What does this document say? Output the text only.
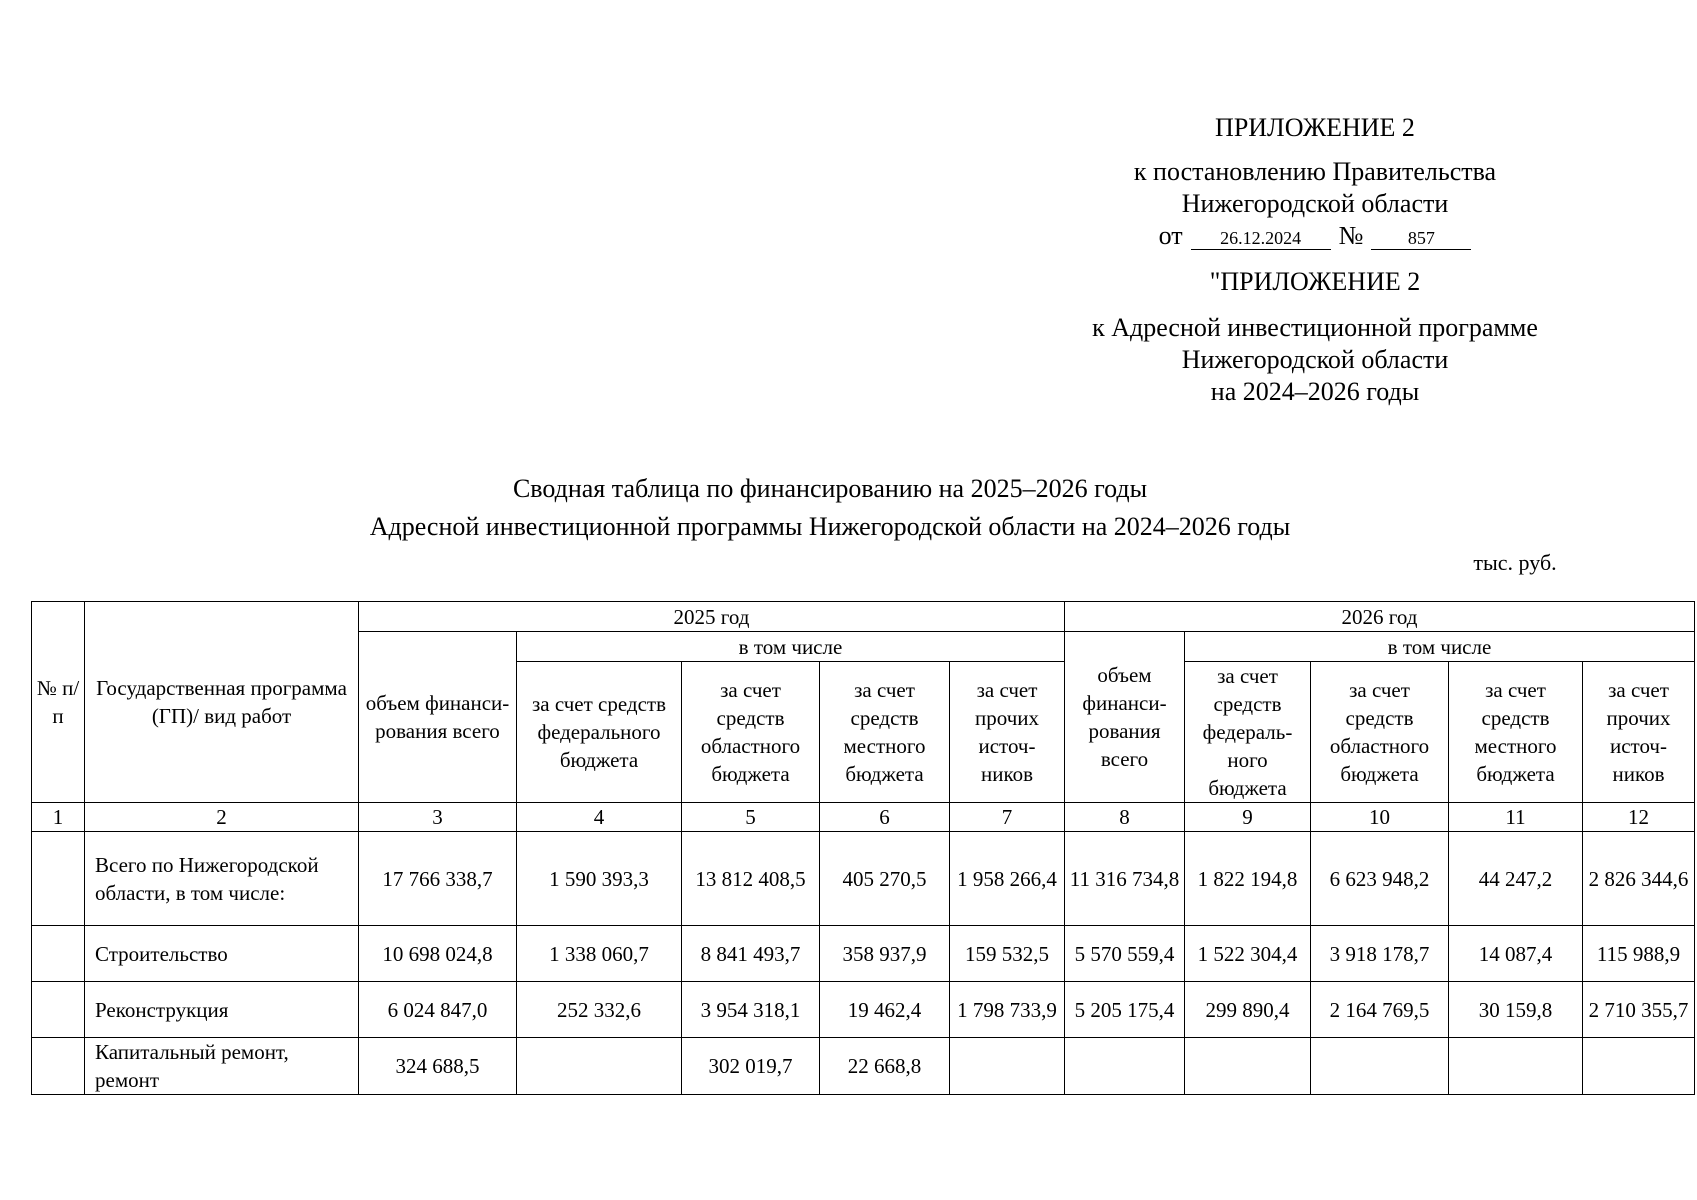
ПРИЛОЖЕНИЕ 2

к постановлению Правительства

Нижегородской области

от 26.12.2024 № 857

"ПРИЛОЖЕНИЕ 2

к Адресной инвестиционной программе

Нижегородской области

на 2024–2026 годы

Сводная таблица по финансированию на 2025–2026 годы

Адресной инвестиционной программы Нижегородской области на 2024–2026 годы

тыс. руб.
№ п/п	Государственная программа (ГП)/ вид работ	2025 год					2026 год				
		объем финанси-рования всего	в том числе				объем финанси-рования всего	в том числе			
			за счет средств федерального бюджета	за счет средств областного бюджета	за счет средств местного бюджета	за счет прочих источ-ников		за счет средств федераль-ного бюджета	за счет средств областного бюджета	за счет средств местного бюджета	за счет прочих источ-ников
1	2	3	4	5	6	7	8	9	10	11	12
	Всего по Нижегородской области, в том числе:	17 766 338,7	1 590 393,3	13 812 408,5	405 270,5	1 958 266,4	11 316 734,8	1 822 194,8	6 623 948,2	44 247,2	2 826 344,6
	Строительство	10 698 024,8	1 338 060,7	8 841 493,7	358 937,9	159 532,5	5 570 559,4	1 522 304,4	3 918 178,7	14 087,4	115 988,9
	Реконструкция	6 024 847,0	252 332,6	3 954 318,1	19 462,4	1 798 733,9	5 205 175,4	299 890,4	2 164 769,5	30 159,8	2 710 355,7
	Капитальный ремонт, ремонт	324 688,5		302 019,7	22 668,8						
